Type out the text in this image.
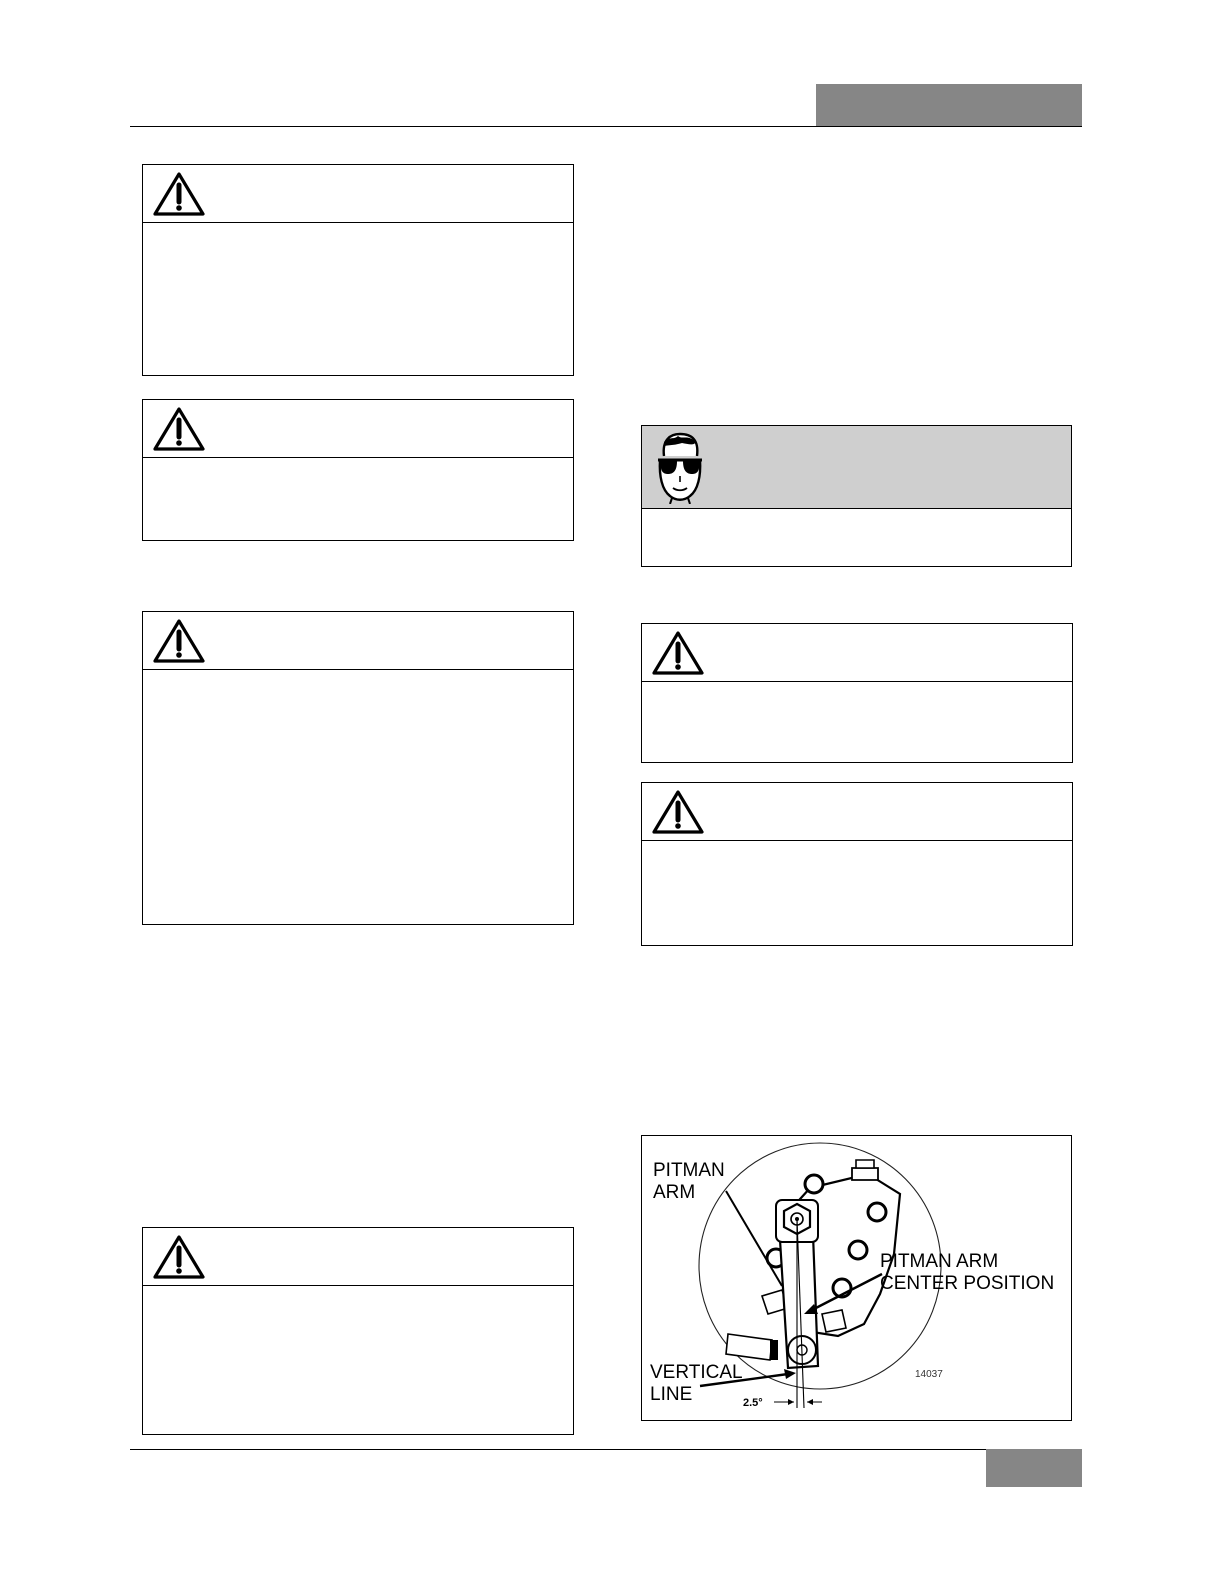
PITMAN
ARM
PITMAN ARM
CENTER POSITION
VERTICAL
LINE	2.5°
14037
